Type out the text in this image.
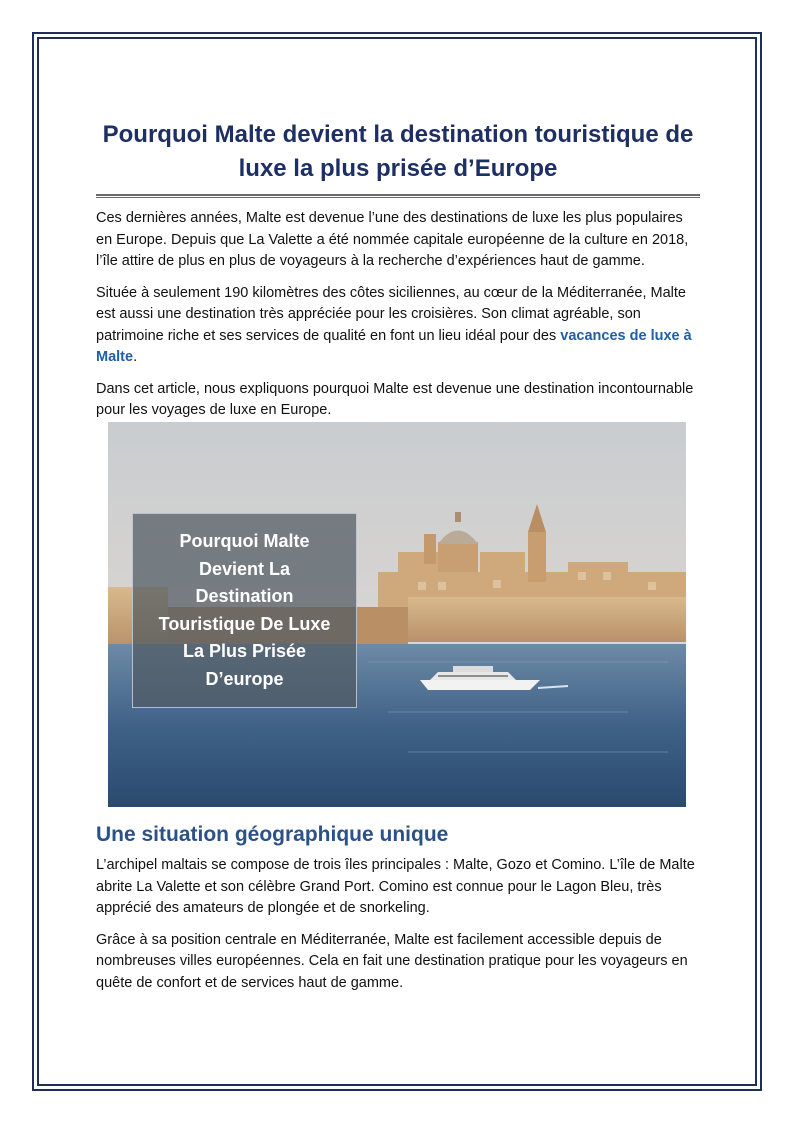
Pourquoi Malte devient la destination touristique de luxe la plus prisée d’Europe

Ces dernières années, Malte est devenue l’une des destinations de luxe les plus populaires en Europe. Depuis que La Valette a été nommée capitale européenne de la culture en 2018, l’île attire de plus en plus de voyageurs à la recherche d’expériences haut de gamme.

Située à seulement 190 kilomètres des côtes siciliennes, au cœur de la Méditerranée, Malte est aussi une destination très appréciée pour les croisières. Son climat agréable, son patrimoine riche et ses services de qualité en font un lieu idéal pour des vacances de luxe à Malte.

Dans cet article, nous expliquons pourquoi Malte est devenue une destination incontournable pour les voyages de luxe en Europe.

Pourquoi Malte
Devient La
Destination
Touristique De Luxe
La Plus Prisée
D’europe
Une situation géographique unique

L’archipel maltais se compose de trois îles principales : Malte, Gozo et Comino. L’île de Malte abrite La Valette et son célèbre Grand Port. Comino est connue pour le Lagon Bleu, très apprécié des amateurs de plongée et de snorkeling.

Grâce à sa position centrale en Méditerranée, Malte est facilement accessible depuis de nombreuses villes européennes. Cela en fait une destination pratique pour les voyageurs en quête de confort et de services haut de gamme.
